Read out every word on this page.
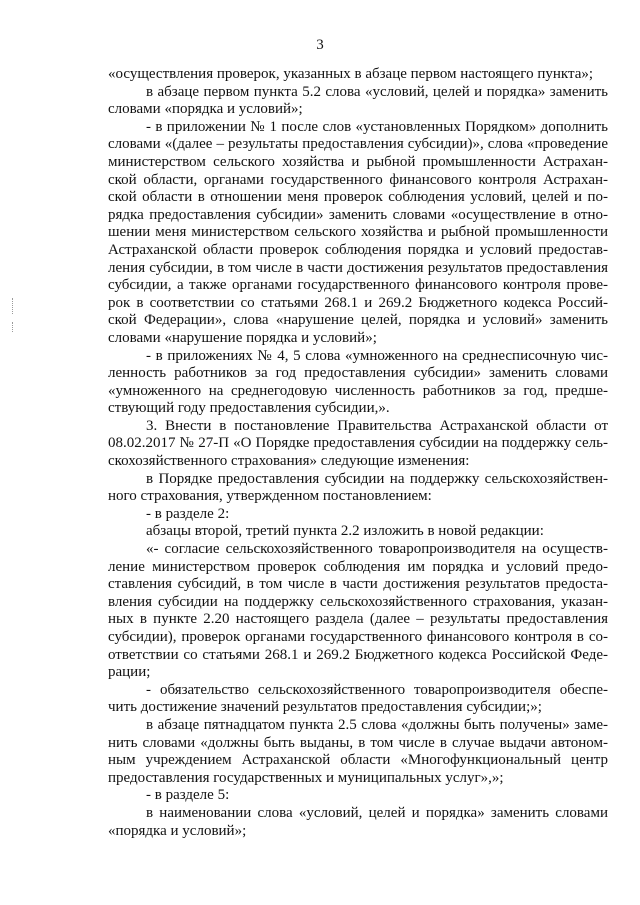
3
«осуществления проверок, указанных в абзаце первом настоящего пункта»;
в абзаце первом пункта 5.2 слова «условий, целей и порядка» заменить
словами «порядка и условий»;
- в приложении № 1 после слов «установленных Порядком» дополнить
словами «(далее – результаты предоставления субсидии)», слова «проведение
министерством сельского хозяйства и рыбной промышленности Астрахан-
ской области, органами государственного финансового контроля Астрахан-
ской области в отношении меня проверок соблюдения условий, целей и по-
рядка предоставления субсидии» заменить словами «осуществление в отно-
шении меня министерством сельского хозяйства и рыбной промышленности
Астраханской области проверок соблюдения порядка и условий предостав-
ления субсидии, в том числе в части достижения результатов предоставления
субсидии, а также органами государственного финансового контроля прове-
рок в соответствии со статьями 268.1 и 269.2 Бюджетного кодекса Россий-
ской Федерации», слова «нарушение целей, порядка и условий» заменить
словами «нарушение порядка и условий»;
- в приложениях № 4, 5 слова «умноженного на среднесписочную чис-
ленность работников за год предоставления субсидии» заменить словами
«умноженного на среднегодовую численность работников за год, предше-
ствующий году предоставления субсидии,».
3. Внести в постановление Правительства Астраханской области от
08.02.2017 № 27-П «О Порядке предоставления субсидии на поддержку сель-
скохозяйственного страхования» следующие изменения:
в Порядке предоставления субсидии на поддержку сельскохозяйствен-
ного страхования, утвержденном постановлением:
- в разделе 2:
абзацы второй, третий пункта 2.2 изложить в новой редакции:
«- согласие сельскохозяйственного товаропроизводителя на осуществ-
ление министерством проверок соблюдения им порядка и условий предо-
ставления субсидий, в том числе в части достижения результатов предоста-
вления субсидии на поддержку сельскохозяйственного страхования, указан-
ных в пункте 2.20 настоящего раздела (далее – результаты предоставления
субсидии), проверок органами государственного финансового контроля в со-
ответствии со статьями 268.1 и 269.2 Бюджетного кодекса Российской Феде-
рации;
- обязательство сельскохозяйственного товаропроизводителя обеспе-
чить достижение значений результатов предоставления субсидии;»;
в абзаце пятнадцатом пункта 2.5 слова «должны быть получены» заме-
нить словами «должны быть выданы, в том числе в случае выдачи автоном-
ным учреждением Астраханской области «Многофункциональный центр
предоставления государственных и муниципальных услуг»,»;
- в разделе 5:
в наименовании слова «условий, целей и порядка» заменить словами
«порядка и условий»;
